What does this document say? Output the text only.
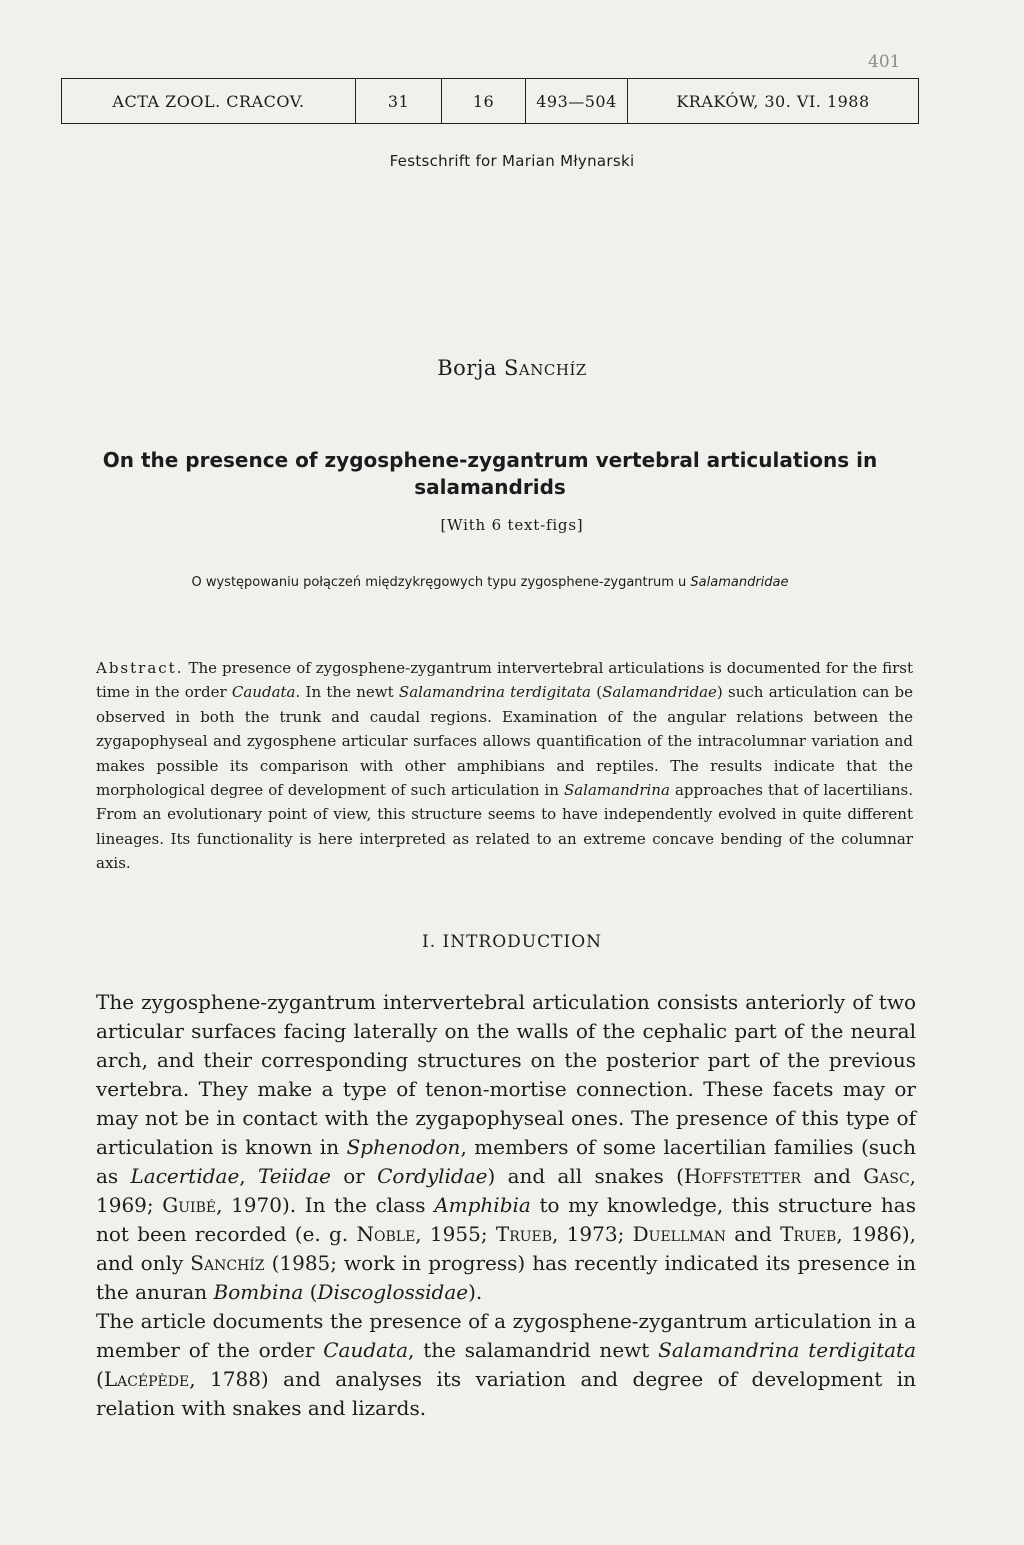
401
ACTA ZOOL. CRACOV.	31	16	493—504	KRAKÓW, 30. VI. 1988
Festschrift for Marian Młynarski
Borja Sanchíz
On the presence of zygosphene-zygantrum vertebral articulations in salamandrids
[With 6 text-figs]
O występowaniu połączeń międzykręgowych typu zygosphene-zygantrum u Salamandridae
Abstract. The presence of zygosphene-zygantrum intervertebral articulations is documented for the first time in the order Caudata. In the newt Salamandrina terdigitata (Salamandridae) such articulation can be observed in both the trunk and caudal regions. Examination of the angular relations between the zygapophyseal and zygosphene articular surfaces allows quantification of the intracolumnar variation and makes possible its comparison with other amphibians and reptiles. The results indicate that the morphological degree of development of such articulation in Salamandrina approaches that of lacertilians. From an evolutionary point of view, this structure seems to have independently evolved in quite different lineages. Its functionality is here interpreted as related to an extreme concave bending of the columnar axis.
I. INTRODUCTION

The zygosphene-zygantrum intervertebral articulation consists anteriorly of two articular surfaces facing laterally on the walls of the cephalic part of the neural arch, and their corresponding structures on the posterior part of the previous vertebra. They make a type of tenon-mortise connection. These facets may or may not be in contact with the zygapophyseal ones. The presence of this type of articulation is known in Sphenodon, members of some lacertilian families (such as Lacertidae, Teiidae or Cordylidae) and all snakes (Hoffstetter and Gasc, 1969; Guibé, 1970). In the class Amphibia to my knowledge, this structure has not been recorded (e. g. Noble, 1955; Trueb, 1973; Duellman and Trueb, 1986), and only Sanchíz (1985; work in progress) has recently indicated its presence in the anuran Bombina (Discoglossidae).

The article documents the presence of a zygosphene-zygantrum articulation in a member of the order Caudata, the salamandrid newt Salamandrina terdigitata (Lacépède, 1788) and analyses its variation and degree of development in relation with snakes and lizards.
